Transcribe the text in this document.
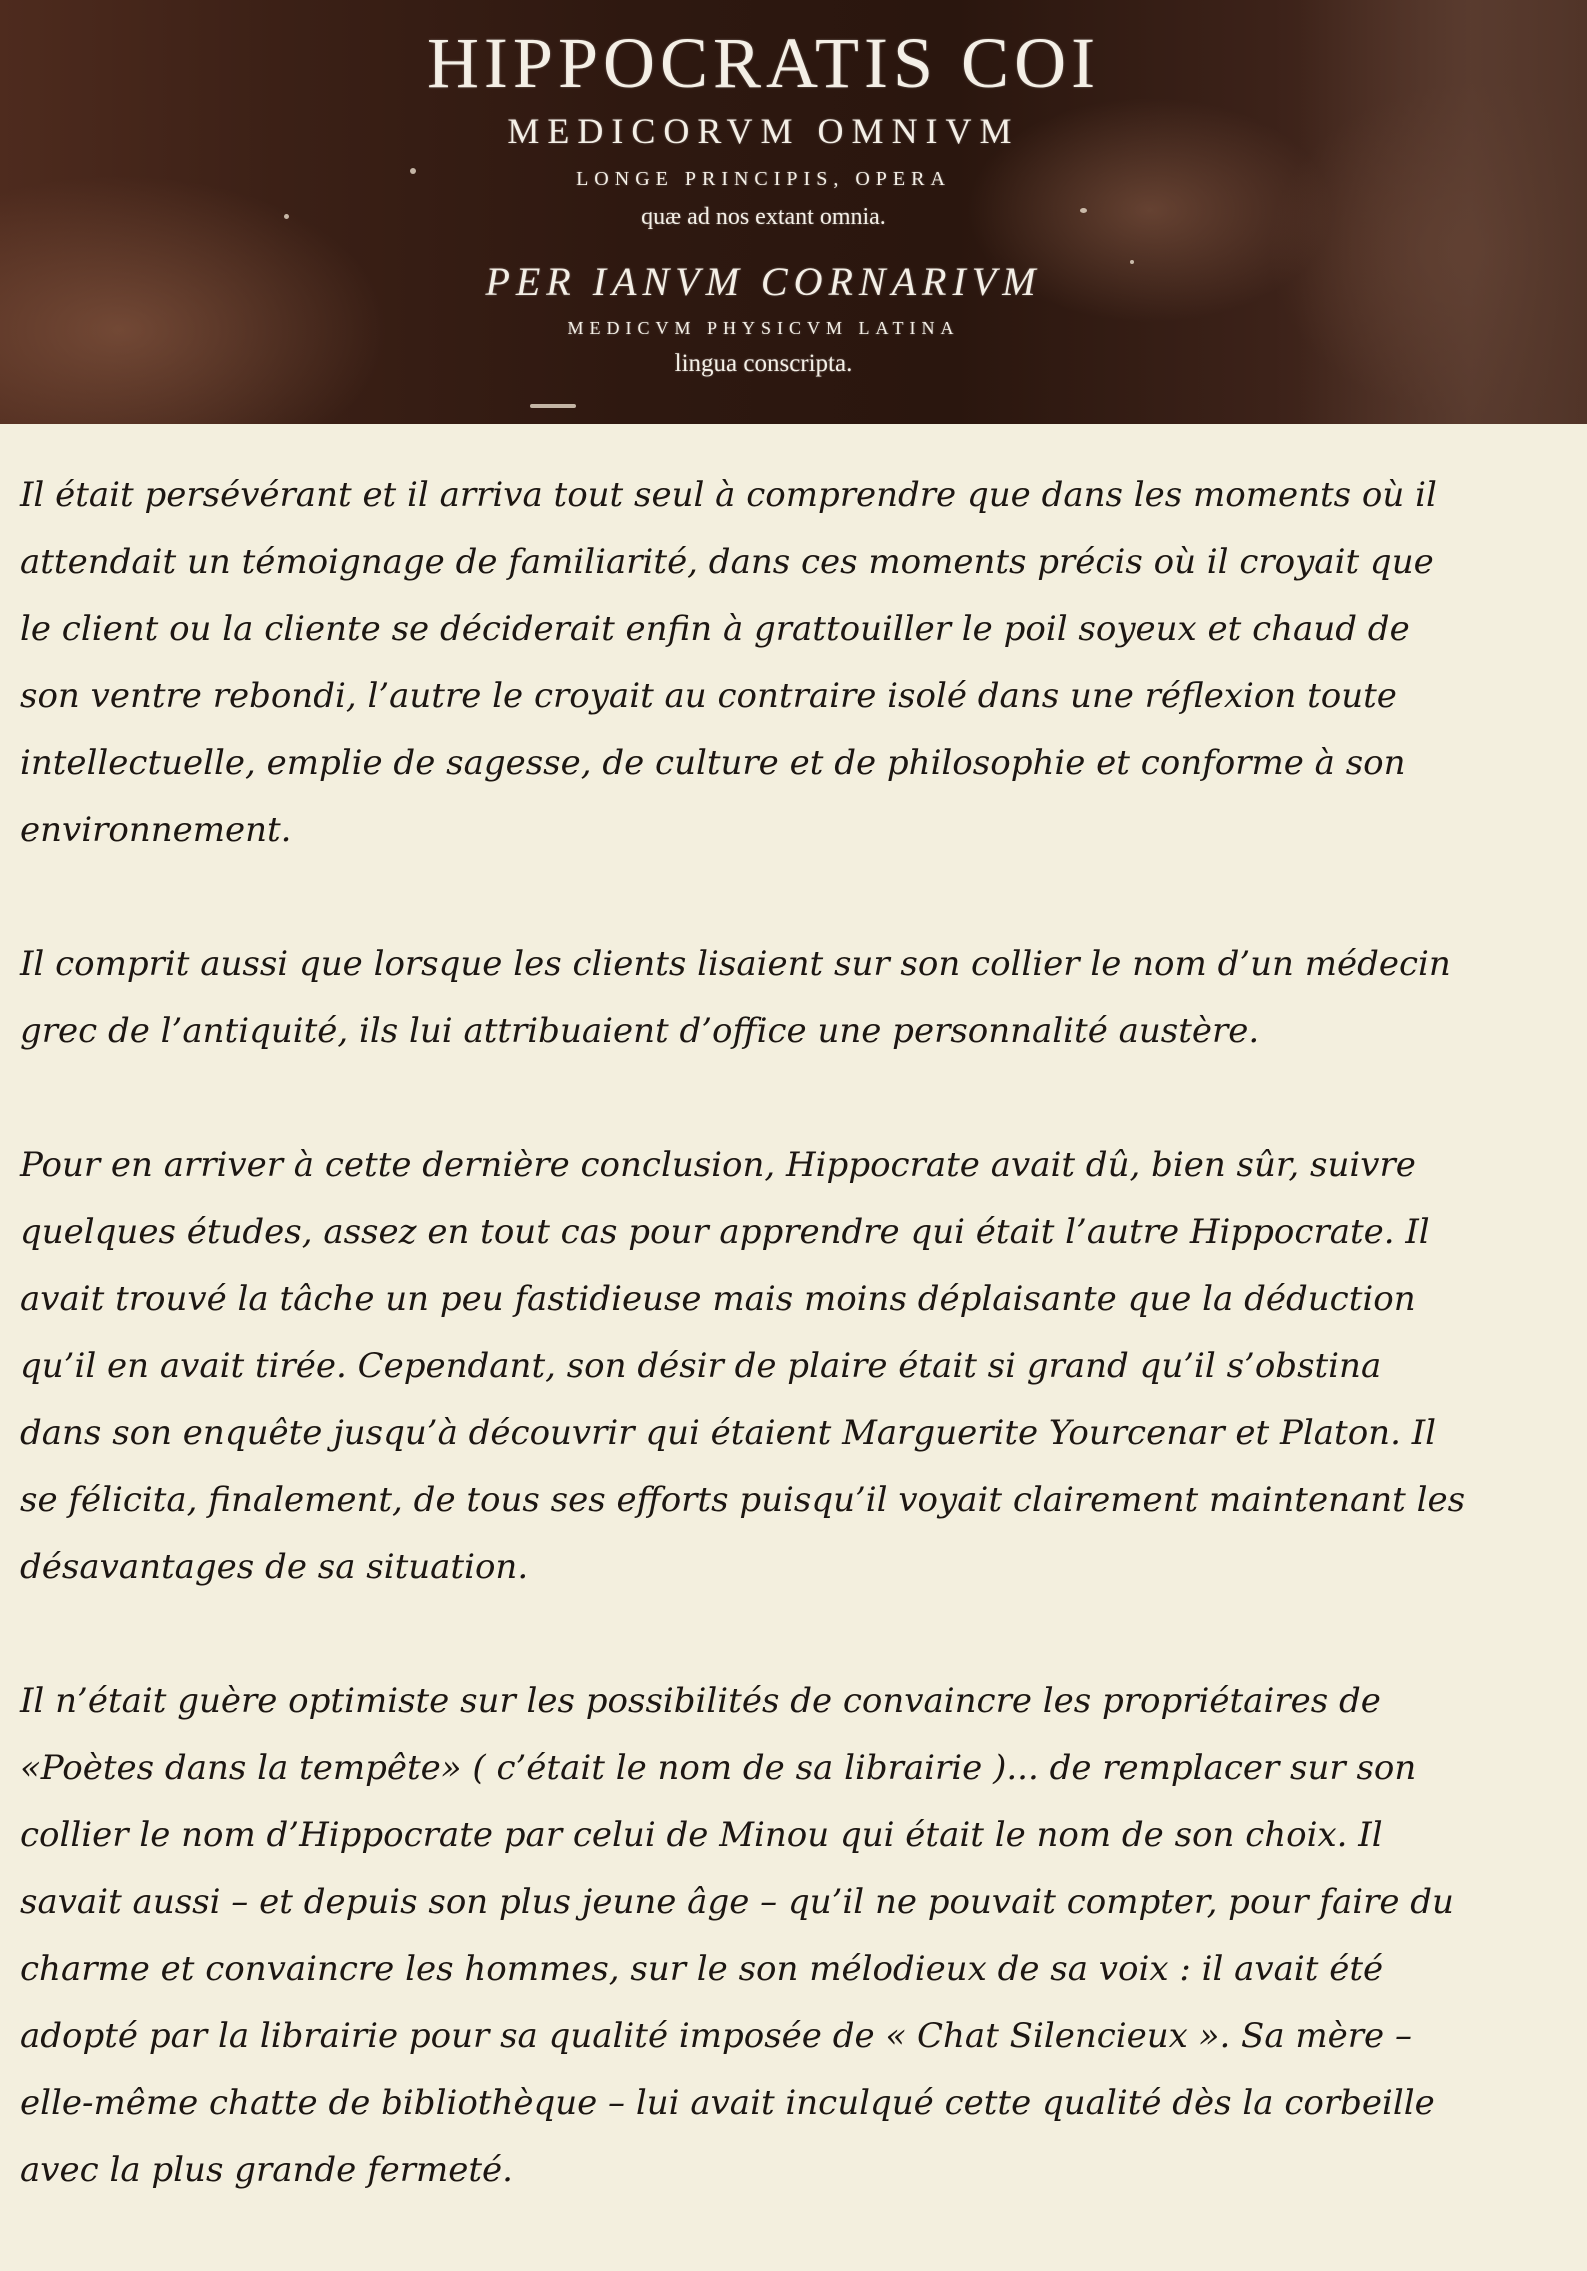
HIPPOCRATIS COI
MEDICORVM OMNIVM
LONGE PRINCIPIS, OPERA
quæ ad nos extant omnia.
PER IANVM CORNARIVM
MEDICVM PHYSICVM LATINA
lingua conscripta.

Il était persévérant et il arriva tout seul à comprendre que dans les moments où il
attendait un témoignage de familiarité, dans ces moments précis où il croyait que
le client ou la cliente se déciderait enfin à grattouiller le poil soyeux et chaud de
son ventre rebondi, l’autre le croyait au contraire isolé dans une réflexion toute
intellectuelle, emplie de sagesse, de culture et de philosophie et conforme à son
environnement.

Il comprit aussi que lorsque les clients lisaient sur son collier le nom d’un médecin
grec de l’antiquité, ils lui attribuaient d’office une personnalité austère.

Pour en arriver à cette dernière conclusion, Hippocrate avait dû, bien sûr, suivre
quelques études, assez en tout cas pour apprendre qui était l’autre Hippocrate. Il
avait trouvé la tâche un peu fastidieuse mais moins déplaisante que la déduction
qu’il en avait tirée. Cependant, son désir de plaire était si grand qu’il s’obstina
dans son enquête jusqu’à découvrir qui étaient Marguerite Yourcenar et Platon. Il
se félicita, finalement, de tous ses efforts puisqu’il voyait clairement maintenant les
désavantages de sa situation.

Il n’était guère optimiste sur les possibilités de convaincre les propriétaires de
«Poètes dans la tempête» ( c’était le nom de sa librairie )... de remplacer sur son
collier le nom d’Hippocrate par celui de Minou qui était le nom de son choix. Il
savait aussi – et depuis son plus jeune âge – qu’il ne pouvait compter, pour faire du
charme et convaincre les hommes, sur le son mélodieux de sa voix : il avait été
adopté par la librairie pour sa qualité imposée de « Chat Silencieux ». Sa mère –
elle-même chatte de bibliothèque – lui avait inculqué cette qualité dès la corbeille
avec la plus grande fermeté.
